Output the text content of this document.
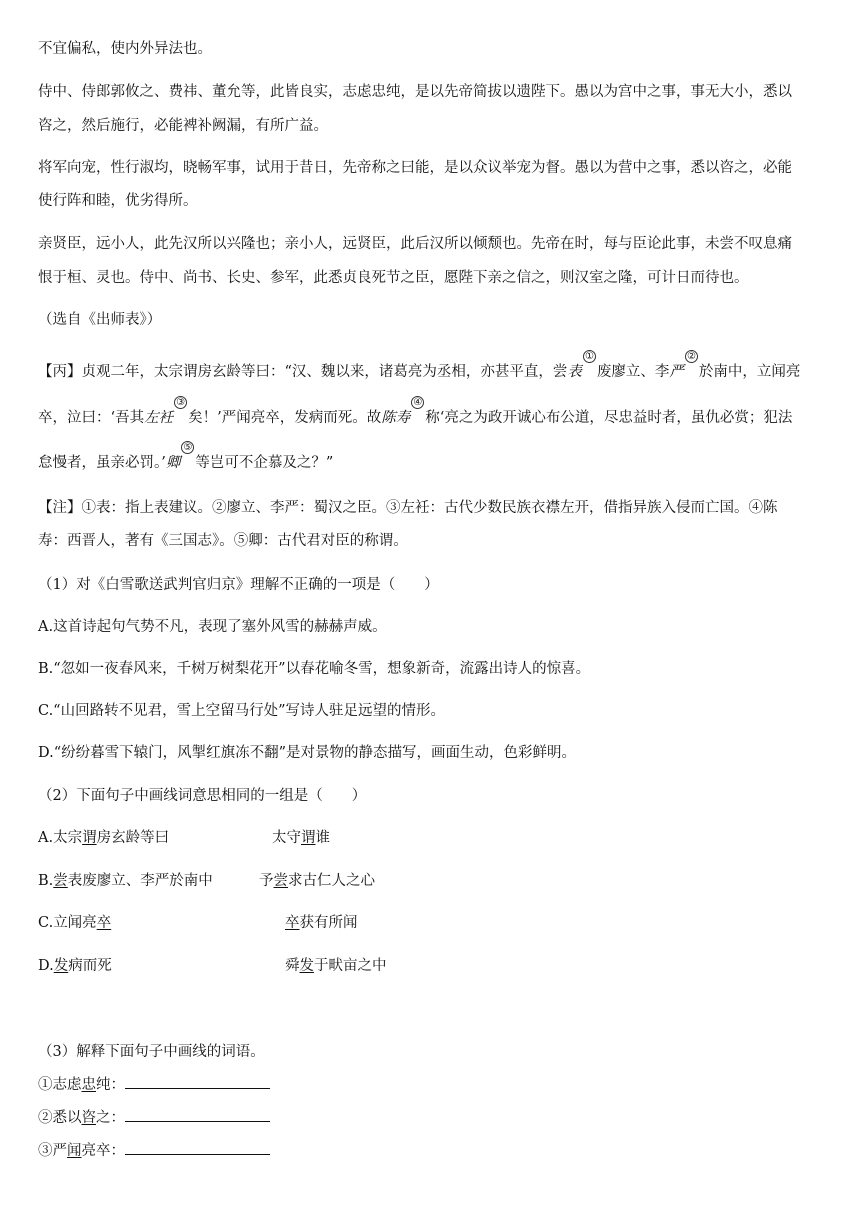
不宜偏私，使内外异法也。
侍中、侍郎郭攸之、费祎、董允等，此皆良实，志虑忠纯，是以先帝简拔以遗陛下。愚以为宫中之事，事无大小，悉以
咨之，然后施行，必能裨补阙漏，有所广益。
将军向宠，性行淑均，晓畅军事，试用于昔日，先帝称之曰能，是以众议举宠为督。愚以为营中之事，悉以咨之，必能
使行阵和睦，优劣得所。
亲贤臣，远小人，此先汉所以兴隆也；亲小人，远贤臣，此后汉所以倾颓也。先帝在时，每与臣论此事，未尝不叹息痛
恨于桓、灵也。侍中、尚书、长史、参军，此悉贞良死节之臣，愿陛下亲之信之，则汉室之隆，可计日而待也。
（选自《出师表》）
【丙】贞观二年，太宗谓房玄龄等曰：“汉、魏以来，诸葛亮为丞相，亦甚平直，尝表①废廖立、李严②於南中，立闻亮
卒，泣曰：‘吾其左衽③矣！’严闻亮卒，发病而死。故陈寿④称‘亮之为政开诚心布公道，尽忠益时者，虽仇必赏；犯法
怠慢者，虽亲必罚。’卿⑤等岂可不企慕及之？”
【注】①表：指上表建议。②廖立、李严：蜀汉之臣。③左衽：古代少数民族衣襟左开，借指异族入侵而亡国。④陈
寿：西晋人，著有《三国志》。⑤卿：古代君对臣的称谓。
（1）对《白雪歌送武判官归京》理解不正确的一项是（　　）
A.这首诗起句气势不凡，表现了塞外风雪的赫赫声威。
B.“忽如一夜春风来，千树万树梨花开”以春花喻冬雪，想象新奇，流露出诗人的惊喜。
C.“山回路转不见君，雪上空留马行处”写诗人驻足远望的情形。
D.“纷纷暮雪下辕门，风掣红旗冻不翻”是对景物的静态描写，画面生动，色彩鲜明。
（2）下面句子中画线词意思相同的一组是（　　）
A.太宗谓房玄龄等曰	太守谓谁
B.尝表废廖立、李严於南中	予尝求古仁人之心
C.立闻亮卒	卒获有所闻
D.发病而死	舜发于畎亩之中
（3）解释下面句子中画线的词语。
①志虑忠纯：
②悉以咨之：
③严闻亮卒：
